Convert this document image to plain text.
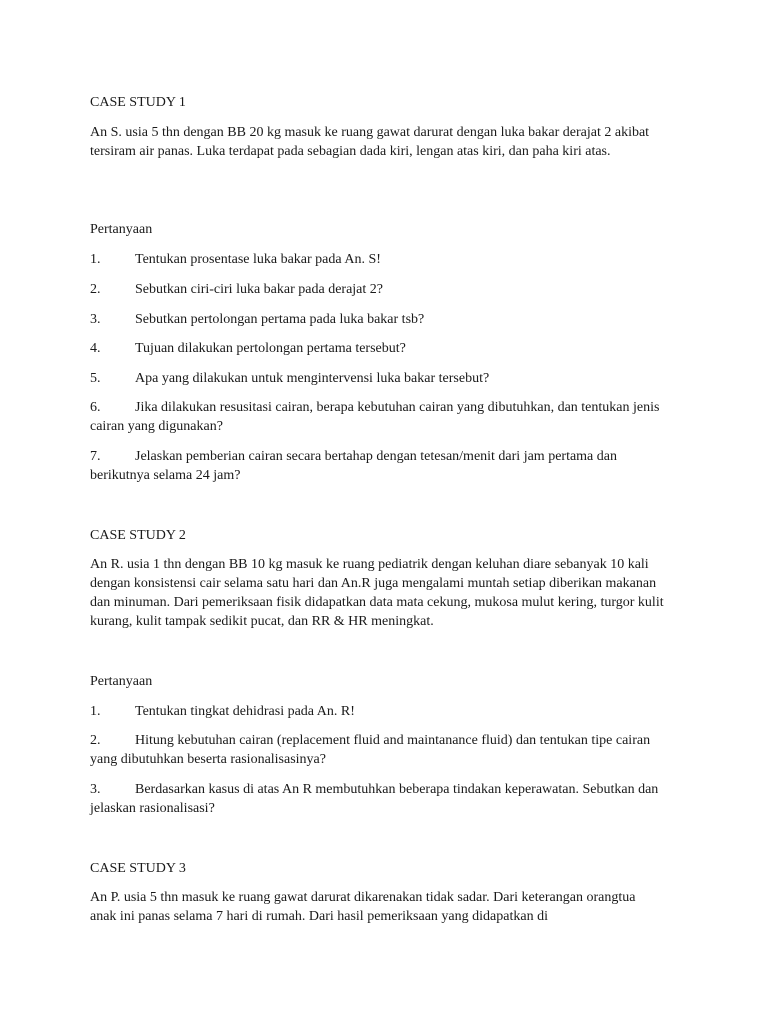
CASE STUDY 1

An S. usia 5 thn dengan BB 20 kg masuk ke ruang gawat darurat dengan luka bakar derajat 2 akibat tersiram air panas. Luka terdapat pada sebagian dada kiri, lengan atas kiri, dan paha kiri atas.

Pertanyaan

1. Tentukan prosentase luka bakar pada An. S!

2. Sebutkan ciri-ciri luka bakar pada derajat 2?

3. Sebutkan pertolongan pertama pada luka bakar tsb?

4. Tujuan dilakukan pertolongan pertama tersebut?

5. Apa yang dilakukan untuk mengintervensi luka bakar tersebut?

6. Jika dilakukan resusitasi cairan, berapa kebutuhan cairan yang dibutuhkan, dan tentukan jenis cairan yang digunakan?

7. Jelaskan pemberian cairan secara bertahap dengan tetesan/menit dari jam pertama dan berikutnya selama 24 jam?

CASE STUDY 2

An R. usia 1 thn dengan BB 10 kg masuk ke ruang pediatrik dengan keluhan diare sebanyak 10 kali dengan konsistensi cair selama satu hari dan An.R juga mengalami muntah setiap diberikan makanan dan minuman. Dari pemeriksaan fisik didapatkan data mata cekung, mukosa mulut kering, turgor kulit kurang, kulit tampak sedikit pucat, dan RR & HR meningkat.

Pertanyaan

1. Tentukan tingkat dehidrasi pada An. R!

2. Hitung kebutuhan cairan (replacement fluid and maintanance fluid) dan tentukan tipe cairan yang dibutuhkan beserta rasionalisasinya?

3. Berdasarkan kasus di atas An R membutuhkan beberapa tindakan keperawatan. Sebutkan dan jelaskan rasionalisasi?

CASE STUDY 3

An P. usia 5 thn masuk ke ruang gawat darurat dikarenakan tidak sadar. Dari keterangan orangtua anak ini panas selama 7 hari di rumah. Dari hasil pemeriksaan yang didapatkan di
